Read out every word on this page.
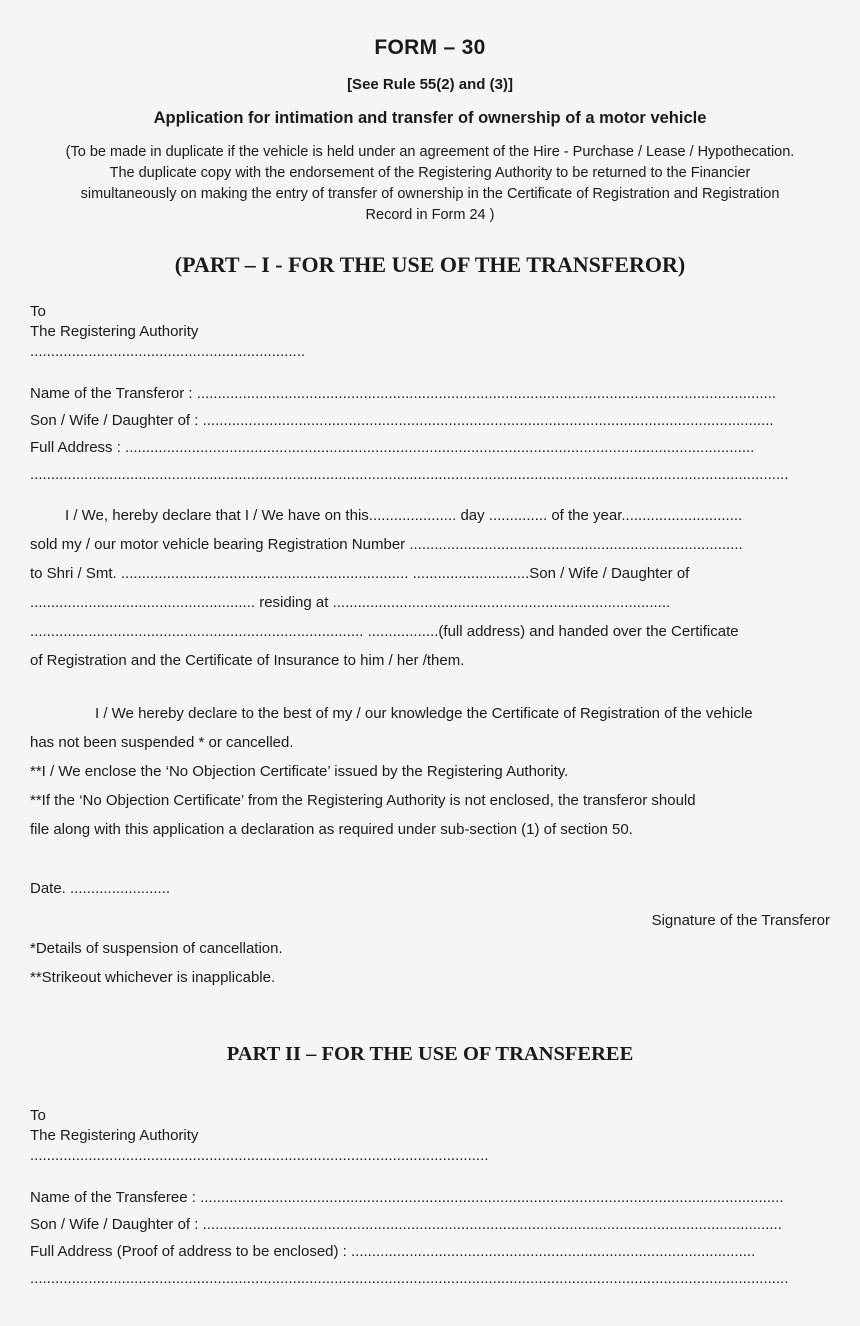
FORM – 30
[See Rule 55(2) and (3)]
Application for intimation and transfer of ownership of a motor vehicle
(To be made in duplicate if the vehicle is held under an agreement of the Hire - Purchase / Lease / Hypothecation. The duplicate copy with the endorsement of the Registering Authority to be returned to the Financier simultaneously on making the entry of transfer of ownership in the Certificate of Registration and Registration Record in Form 24 )
(PART – I - FOR THE USE OF THE TRANSFEROR)
To
The Registering Authority
..................................................................
Name of the Transferor : ...........................................................................................................................................
Son / Wife / Daughter of : .........................................................................................................................................
Full Address : .......................................................................................................................................................
......................................................................................................................................................................................
I / We, hereby declare that I / We have on this..................... day .............. of the year.............................
sold my / our motor vehicle bearing Registration Number ................................................................................
to Shri / Smt. ..................................................................... ............................Son / Wife / Daughter of
...................................................... residing at .................................................................................
................................................................................ .................(full address) and handed over the Certificate
of Registration and the Certificate of Insurance to him / her /them.
I / We hereby declare to the best of my / our knowledge the Certificate of Registration of the vehicle
has not been suspended * or cancelled.
**I / We enclose the ‘No Objection Certificate’ issued by the Registering Authority.
**If the ‘No Objection Certificate’ from the Registering Authority is not enclosed, the transferor should
file along with this application a declaration as required under sub-section (1) of section 50.
Date. ........................
Signature of the Transferor
*Details of suspension of cancellation.
**Strikeout whichever is inapplicable.
PART II – FOR THE USE OF TRANSFEREE
To
The Registering Authority
..............................................................................................................
Name of the Transferee : ............................................................................................................................................
Son / Wife / Daughter of : ...........................................................................................................................................
Full Address (Proof of address to be enclosed) : .................................................................................................
......................................................................................................................................................................................
